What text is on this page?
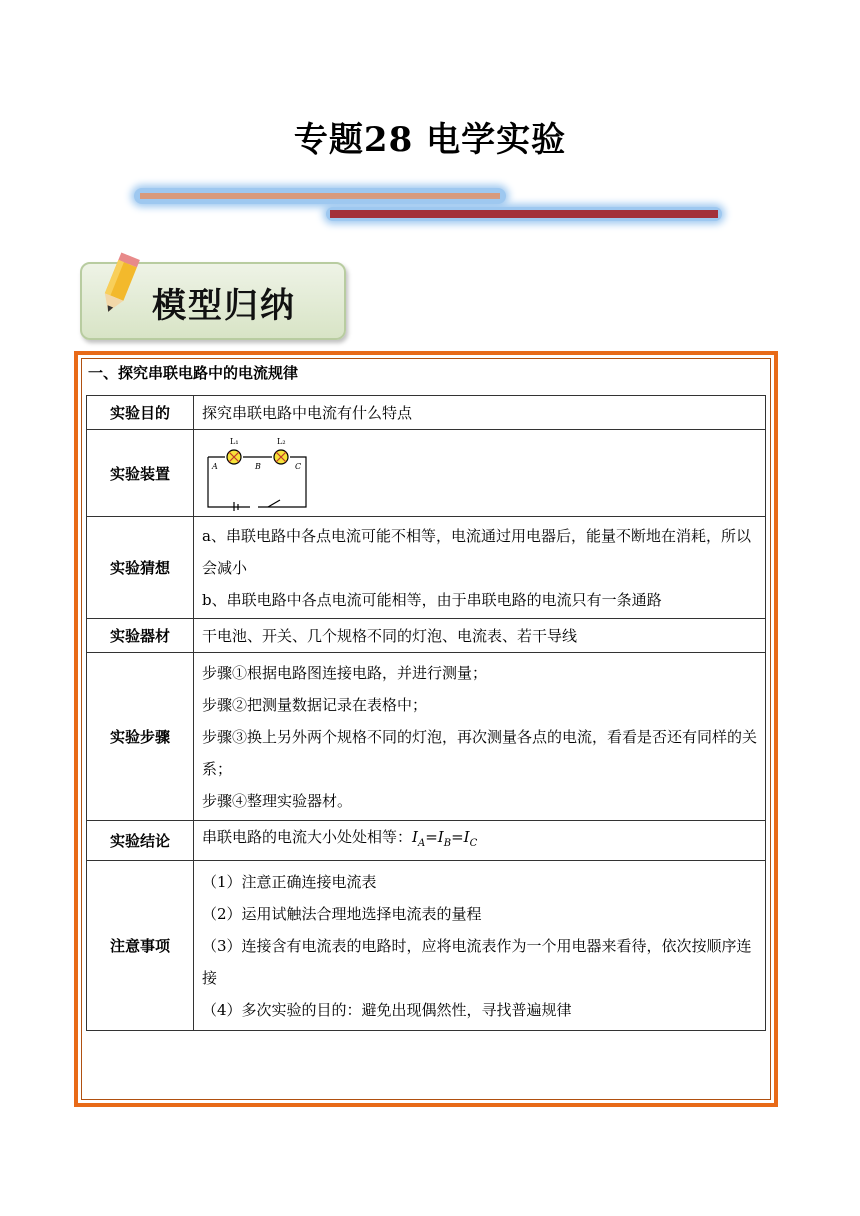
专题28 电学实验
模型归纳
一、探究串联电路中的电流规律
实验目的	探究串联电路中电流有什么特点
实验装置	L₁ L₂
A B C

实验猜想	a、串联电路中各点电流可能不相等，电流通过用电器后，能量不断地在消耗，所以会减小
b、串联电路中各点电流可能相等，由于串联电路的电流只有一条通路

实验器材	干电池、开关、几个规格不同的灯泡、电流表、若干导线
实验步骤	步骤①根据电路图连接电路，并进行测量；
步骤②把测量数据记录在表格中；
步骤③换上另外两个规格不同的灯泡，再次测量各点的电流，看看是否还有同样的关系；
步骤④整理实验器材。

实验结论	串联电路的电流大小处处相等：$I_A=I_B=I_C$
注意事项	（1）注意正确连接电流表
（2）运用试触法合理地选择电流表的量程
（3）连接含有电流表的电路时，应将电流表作为一个用电器来看待，依次按顺序连接
（4）多次实验的目的：避免出现偶然性，寻找普遍规律
